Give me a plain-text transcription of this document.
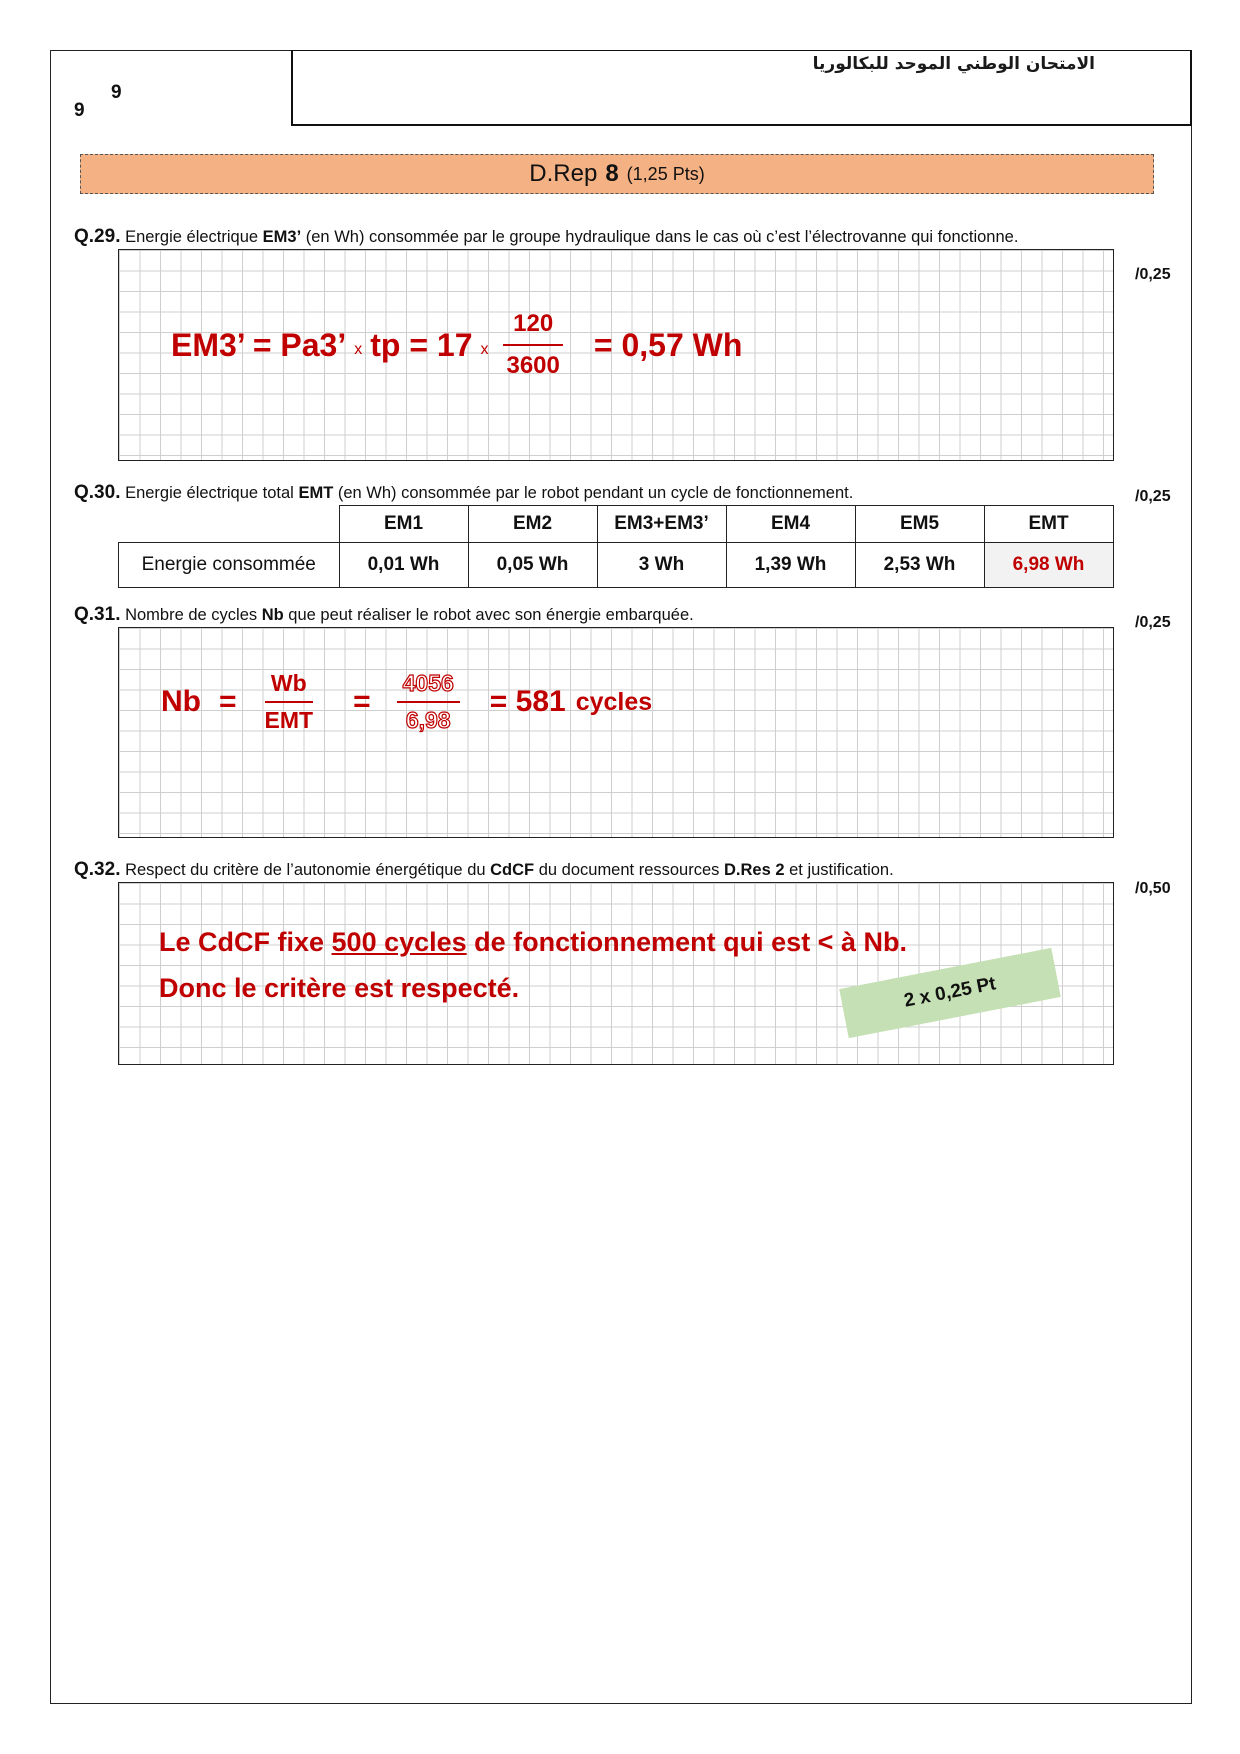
الامتحان الوطني الموحد للبكالوريا
9
9
D.Rep 8 (1,25 Pts)
Q.29. Energie électrique EM3’ (en Wh) consommée par le groupe hydraulique dans le cas où c’est l’électrovanne qui fonctionne.
/0,25
EM3’ = Pa3’ x tp = 17 x $\frac{120}{3600} = 0,57$ Wh
Q.30. Energie électrique total EMT (en Wh) consommée par le robot pendant un cycle de fonctionnement.	/0,25
	EM1	EM2	EM3+EM3’	EM4	EM5	EMT
Energie consommée	0,01 Wh	0,05 Wh	3 Wh	1,39 Wh	2,53 Wh	6,98 Wh
Q.31. Nombre de cycles Nb que peut réaliser le robot avec son énergie embarquée.	/0,25
$Nb = \frac{Wb}{\text{EMT}} = \frac{4056}{6,98} = 581$ cycles
Q.32. Respect du critère de l’autonomie énergétique du CdCF du document ressources D.Res 2 et justification.
/0,50
Le CdCF fixe 500 cycles de fonctionnement qui est < à Nb.
Donc le critère est respecté.	2 x 0,25 Pt
